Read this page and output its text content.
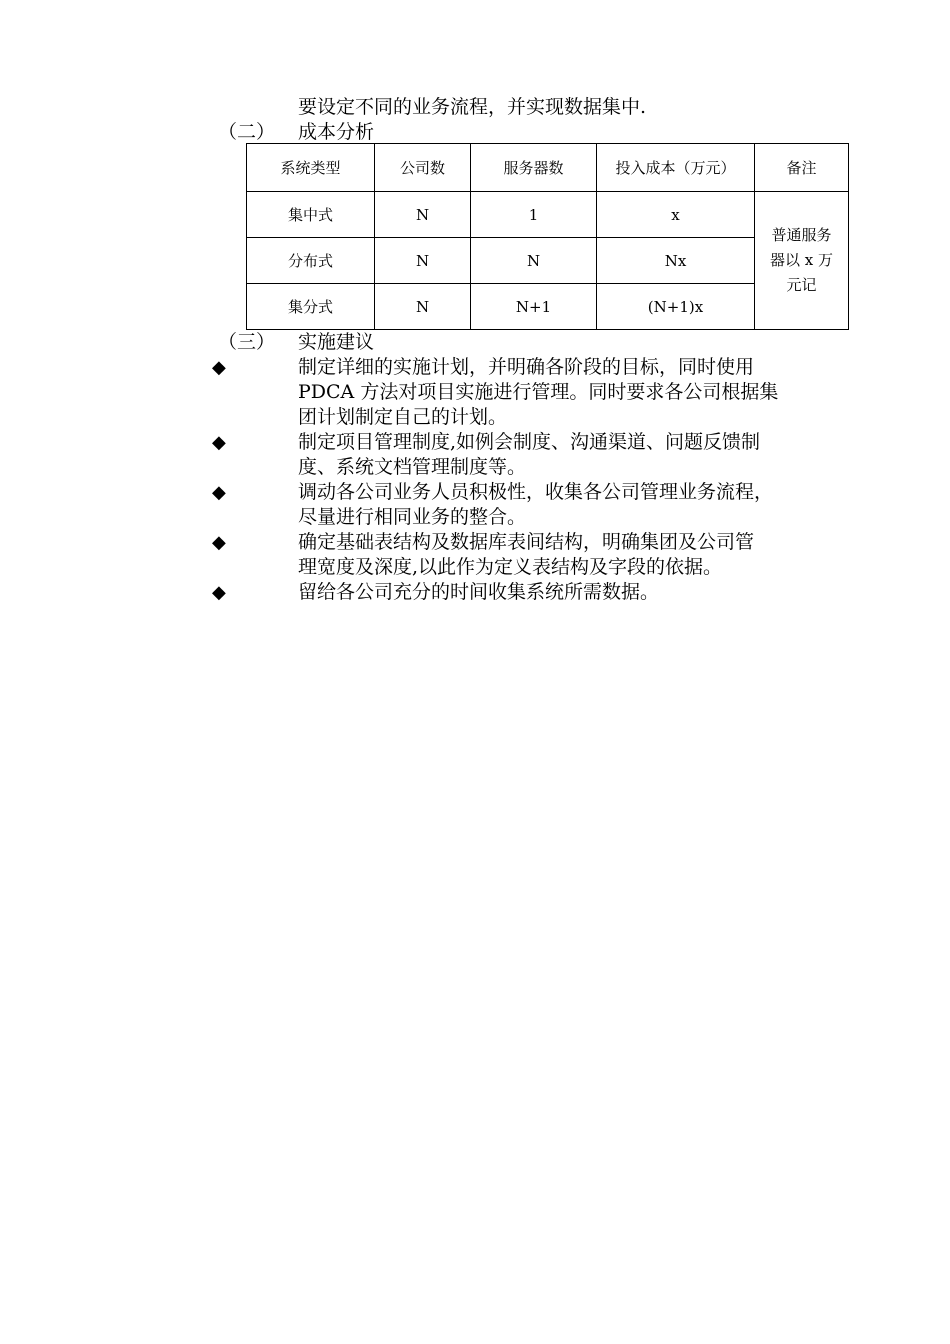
要设定不同的业务流程，并实现数据集中.
（二） 成本分析
系统类型	公司数	服务器数	投入成本（万元）	备注
集中式	N	1	x	普通服务
器以 x 万
元记

分布式	N	N	Nx	
集分式	N	N+1	(N+1)x	
（三） 实施建议
◆	制定详细的实施计划，并明确各阶段的目标，同时使用
PDCA 方法对项目实施进行管理。同时要求各公司根据集
团计划制定自己的计划。
◆	制定项目管理制度,如例会制度、沟通渠道、问题反馈制
度、系统文档管理制度等。
◆	调动各公司业务人员积极性，收集各公司管理业务流程，
尽量进行相同业务的整合。
◆	确定基础表结构及数据库表间结构，明确集团及公司管
理宽度及深度,以此作为定义表结构及字段的依据。
◆	留给各公司充分的时间收集系统所需数据。
